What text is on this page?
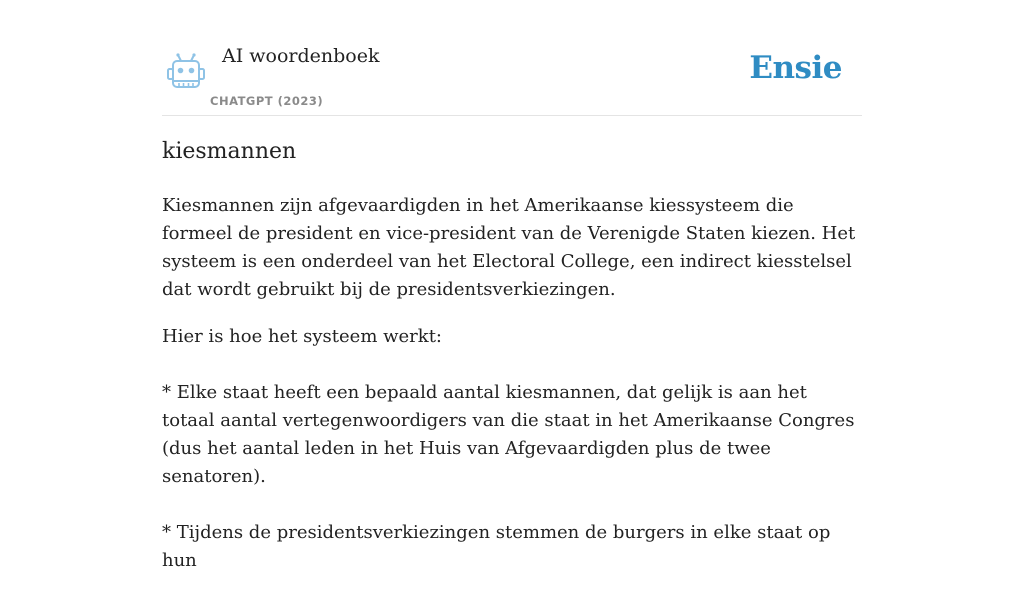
AI woordenboek
CHATGPT (2023)
Ensie
kiesmannen

Kiesmannen zijn afgevaardigden in het Amerikaanse kiessysteem die formeel de president en vice-president van de Verenigde Staten kiezen. Het systeem is een onderdeel van het Electoral College, een indirect kiesstelsel dat wordt gebruikt bij de presidentsverkiezingen.

Hier is hoe het systeem werkt:

* Elke staat heeft een bepaald aantal kiesmannen, dat gelijk is aan het totaal aantal vertegenwoordigers van die staat in het Amerikaanse Congres (dus het aantal leden in het Huis van Afgevaardigden plus de twee senatoren).

* Tijdens de presidentsverkiezingen stemmen de burgers in elke staat op hun
